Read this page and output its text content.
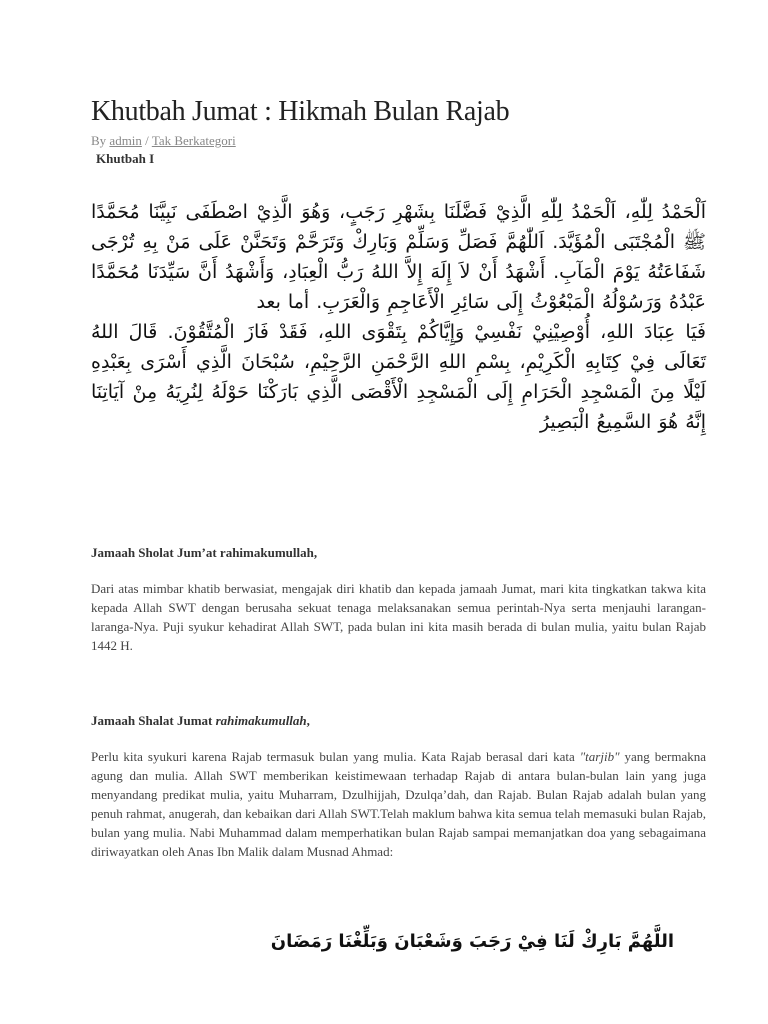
Khutbah Jumat : Hikmah Bulan Rajab
By admin / Tak Berkategori
Khutbah I

اَلْحَمْدُ لِلّٰهِ، اَلْحَمْدُ لِلّٰهِ الَّذِيْ فَضَّلَنَا بِشَهْرِ رَجَبٍ، وَهُوَ الَّذِيْ اصْطَفَى نَبِيَّنَا مُحَمَّدًا ﷺ الْمُجْتَبَى الْمُؤَيَّدَ. اَللّٰهُمَّ فَصَلِّ وَسَلِّمْ وَبَارِكْ وَتَرَحَّمْ وَتَحَنَّنْ عَلَى مَنْ بِهِ تُرْجَى شَفَاعَتُهُ يَوْمَ الْمَآبِ. أَشْهَدُ أَنْ لاَ إِلَهَ إِلاَّ اللهُ رَبُّ الْعِبَادِ، وَأَشْهَدُ أَنَّ سَيِّدَنَا مُحَمَّدًا عَبْدُهُ وَرَسُوْلُهُ الْمَبْعُوْثُ إِلَى سَائِرِ الْأَعَاجِمِ وَالْعَرَبِ. أما بعد

فَيَا عِبَادَ اللهِ، أُوْصِيْنِيْ نَفْسِيْ وَإِيَّاكُمْ بِتَقْوَى اللهِ، فَقَدْ فَازَ الْمُتَّقُوْنَ. قَالَ اللهُ تَعَالَى فِيْ كِتَابِهِ الْكَرِيْمِ، بِسْمِ اللهِ الرَّحْمَنِ الرَّحِيْمِ، سُبْحَانَ الَّذِي أَسْرَى بِعَبْدِهِ لَيْلًا مِنَ الْمَسْجِدِ الْحَرَامِ إِلَى الْمَسْجِدِ الْأَقْصَى الَّذِي بَارَكْنَا حَوْلَهُ لِنُرِيَهُ مِنْ آيَاتِنَا إِنَّهُ هُوَ السَّمِيعُ الْبَصِيرُ

Jamaah Sholat Jum’at rahimakumullah,

Dari atas mimbar khatib berwasiat, mengajak diri khatib dan kepada jamaah Jumat, mari kita tingkatkan takwa kita kepada Allah SWT dengan berusaha sekuat tenaga melaksanakan semua perintah-Nya serta menjauhi larangan-laranga-Nya. Puji syukur kehadirat Allah SWT, pada bulan ini kita masih berada di bulan mulia, yaitu bulan Rajab 1442 H.

Jamaah Shalat Jumat rahimakumullah,

Perlu kita syukuri karena Rajab termasuk bulan yang mulia. Kata Rajab berasal dari kata "tarjib" yang bermakna agung dan mulia. Allah SWT memberikan keistimewaan terhadap Rajab di antara bulan-bulan lain yang juga menyandang predikat mulia, yaitu Muharram, Dzulhijjah, Dzulqa’dah, dan Rajab. Bulan Rajab adalah bulan yang penuh rahmat, anugerah, dan kebaikan dari Allah SWT.Telah maklum bahwa kita semua telah memasuki bulan Rajab, bulan yang mulia. Nabi Muhammad dalam memperhatikan bulan Rajab sampai memanjatkan doa yang sebagaimana diriwayatkan oleh Anas Ibn Malik dalam Musnad Ahmad:

اللَّهُمَّ بَارِكْ لَنَا فِيْ رَجَبَ وَشَعْبَانَ وَبَلِّغْنَا رَمَضَانَ
